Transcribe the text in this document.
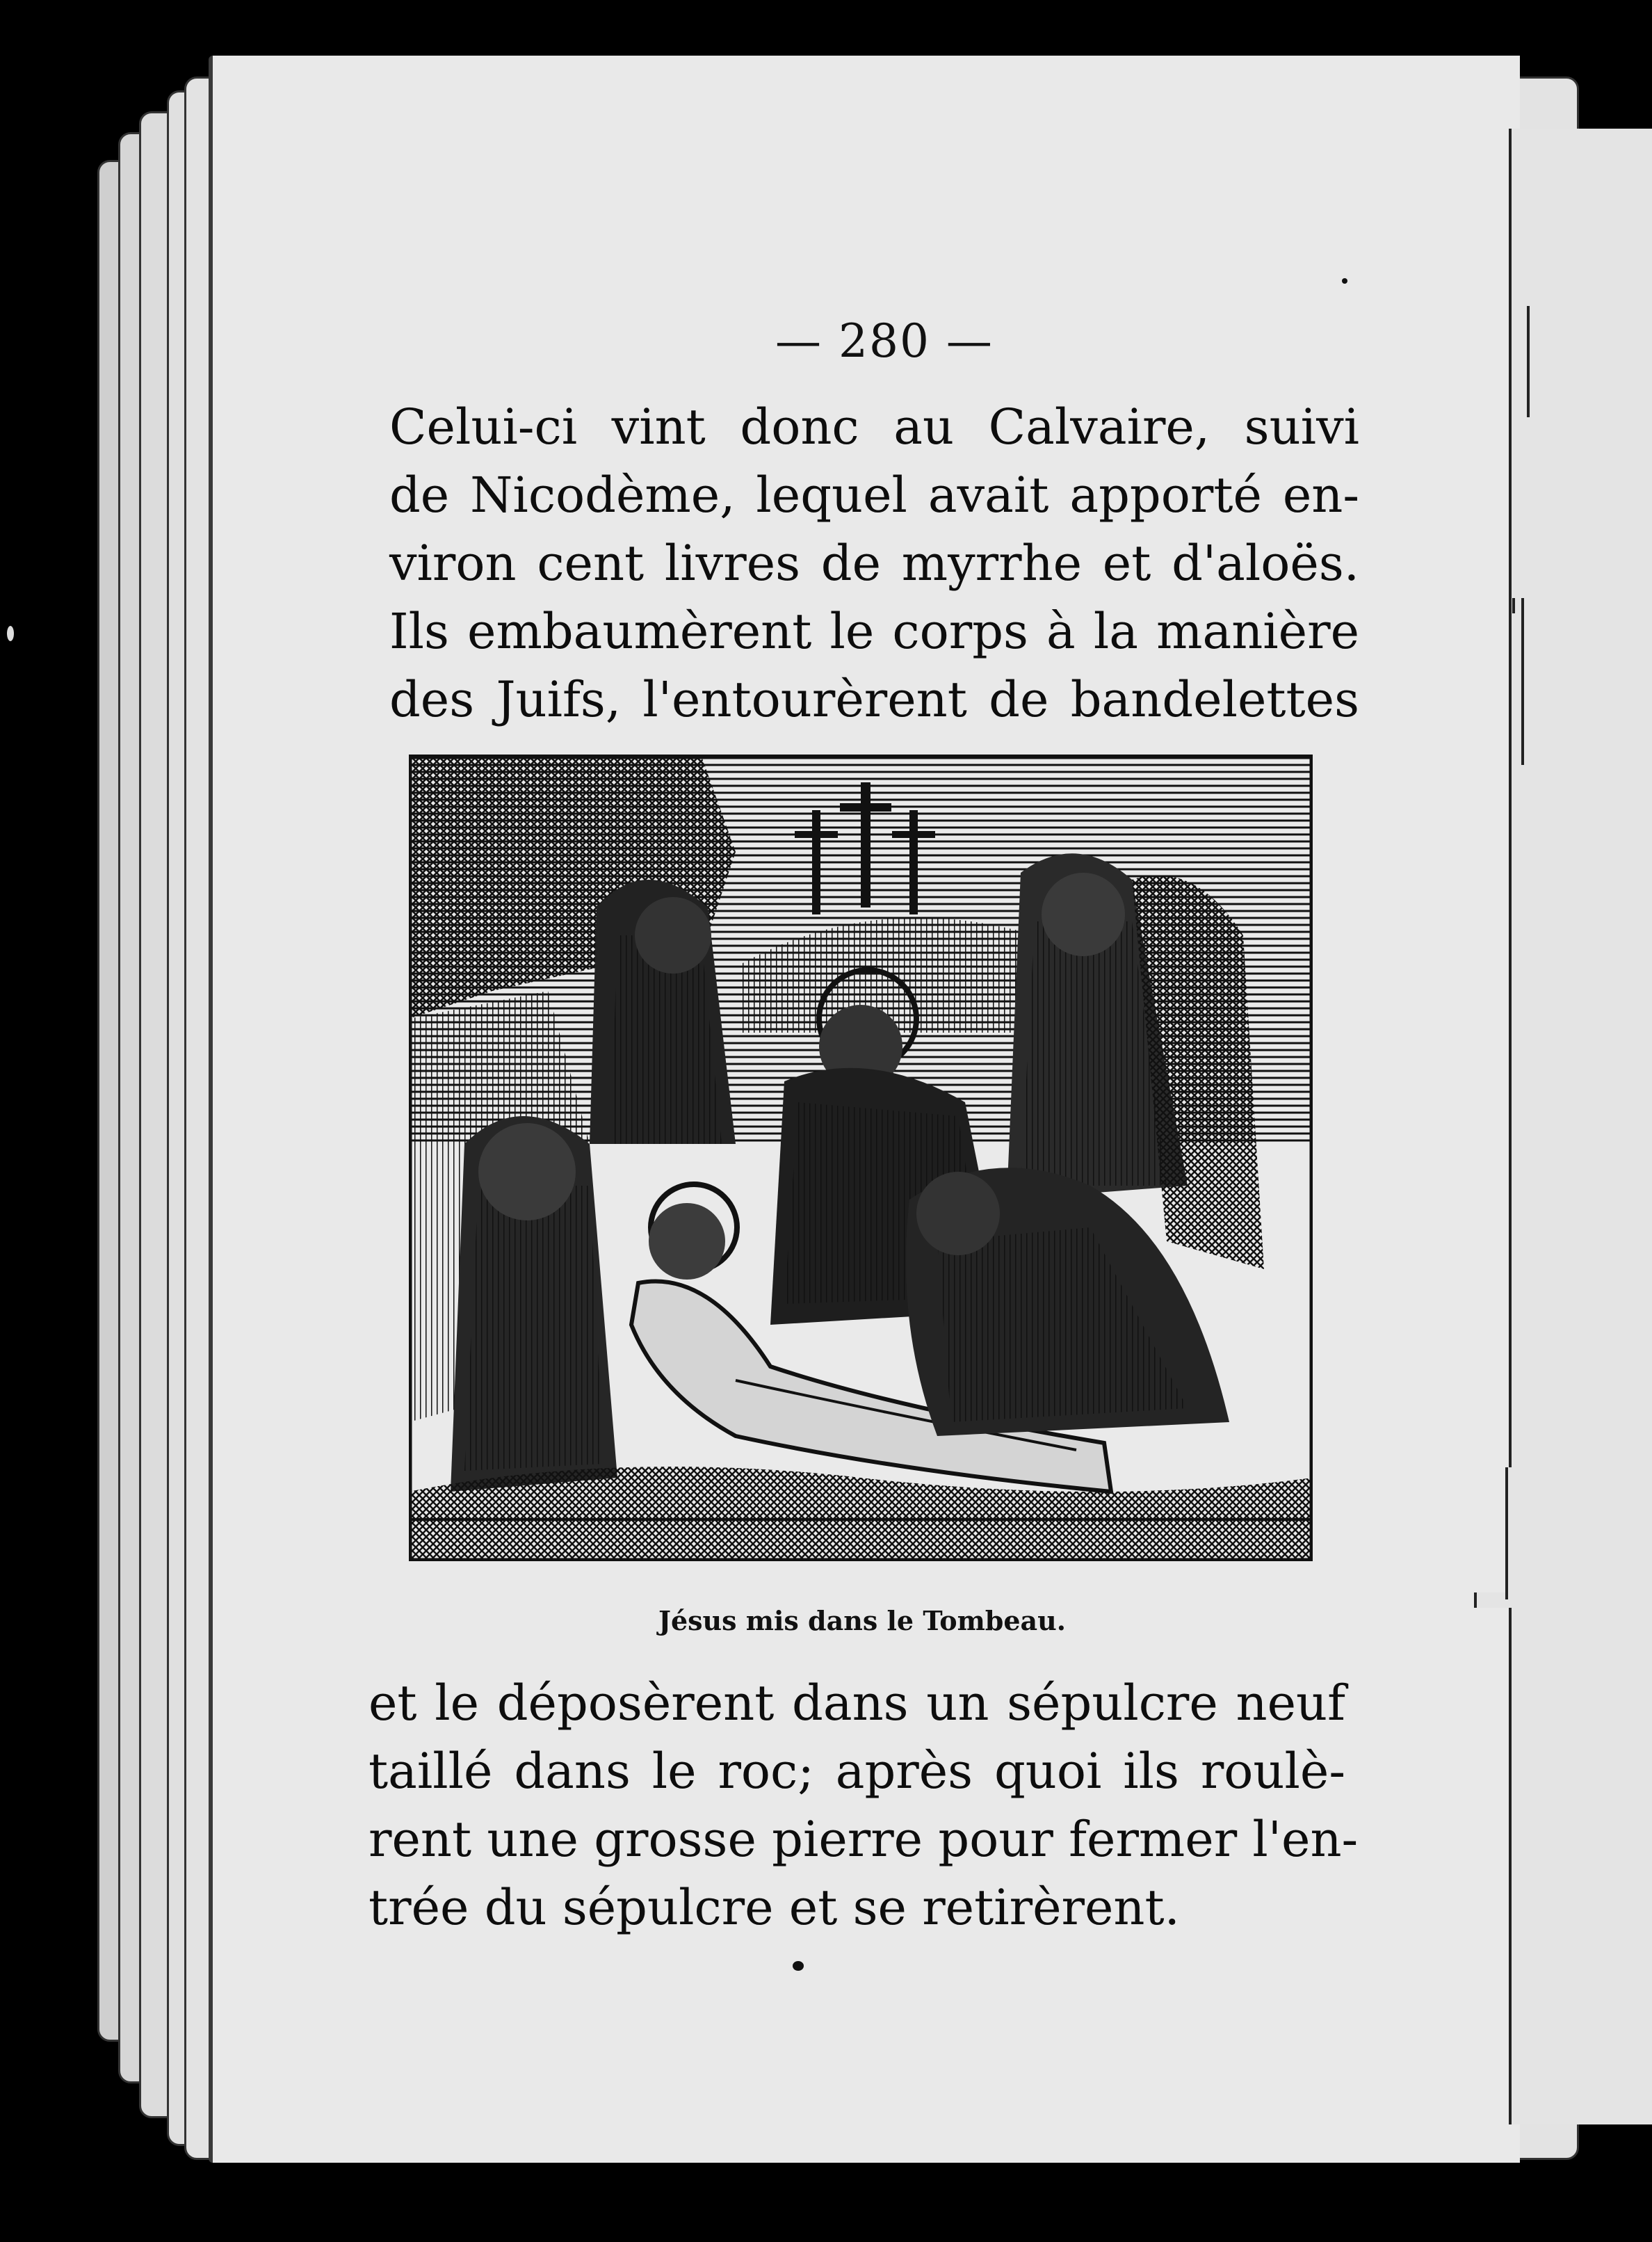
— 280 —
Celui-ci vint donc au Calvaire, suivi
de Nicodème, lequel avait apporté en-
viron cent livres de myrrhe et d'aloës.
Ils embaumèrent le corps à la manière
des Juifs, l'entourèrent de bandelettes
Jésus mis dans le Tombeau.
et le déposèrent dans un sépulcre neuf
taillé dans le roc; après quoi ils roulè-
rent une grosse pierre pour fermer l'en-
trée du sépulcre et se retirèrent.
